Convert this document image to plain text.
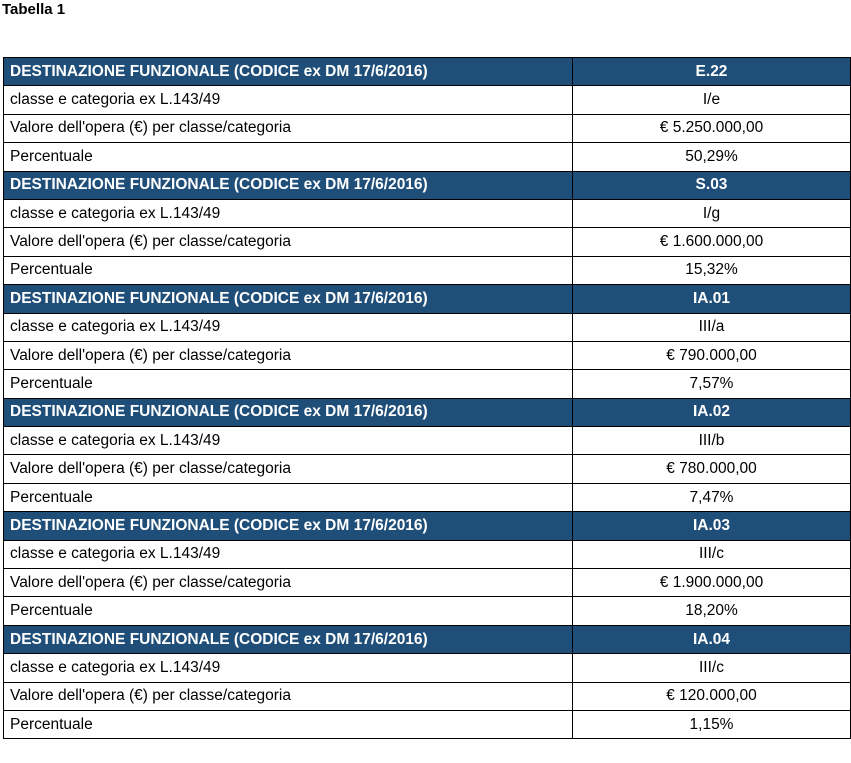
Tabella 1

DESTINAZIONE FUNZIONALE (CODICE ex DM 17/6/2016)	E.22
classe e categoria ex L.143/49	I/e
Valore dell'opera (€) per classe/categoria	€ 5.250.000,00
Percentuale	50,29%
DESTINAZIONE FUNZIONALE (CODICE ex DM 17/6/2016)	S.03
classe e categoria ex L.143/49	I/g
Valore dell'opera (€) per classe/categoria	€ 1.600.000,00
Percentuale	15,32%
DESTINAZIONE FUNZIONALE (CODICE ex DM 17/6/2016)	IA.01
classe e categoria ex L.143/49	III/a
Valore dell'opera (€) per classe/categoria	€ 790.000,00
Percentuale	7,57%
DESTINAZIONE FUNZIONALE (CODICE ex DM 17/6/2016)	IA.02
classe e categoria ex L.143/49	III/b
Valore dell'opera (€) per classe/categoria	€ 780.000,00
Percentuale	7,47%
DESTINAZIONE FUNZIONALE (CODICE ex DM 17/6/2016)	IA.03
classe e categoria ex L.143/49	III/c
Valore dell'opera (€) per classe/categoria	€ 1.900.000,00
Percentuale	18,20%
DESTINAZIONE FUNZIONALE (CODICE ex DM 17/6/2016)	IA.04
classe e categoria ex L.143/49	III/c
Valore dell'opera (€) per classe/categoria	€ 120.000,00
Percentuale	1,15%
